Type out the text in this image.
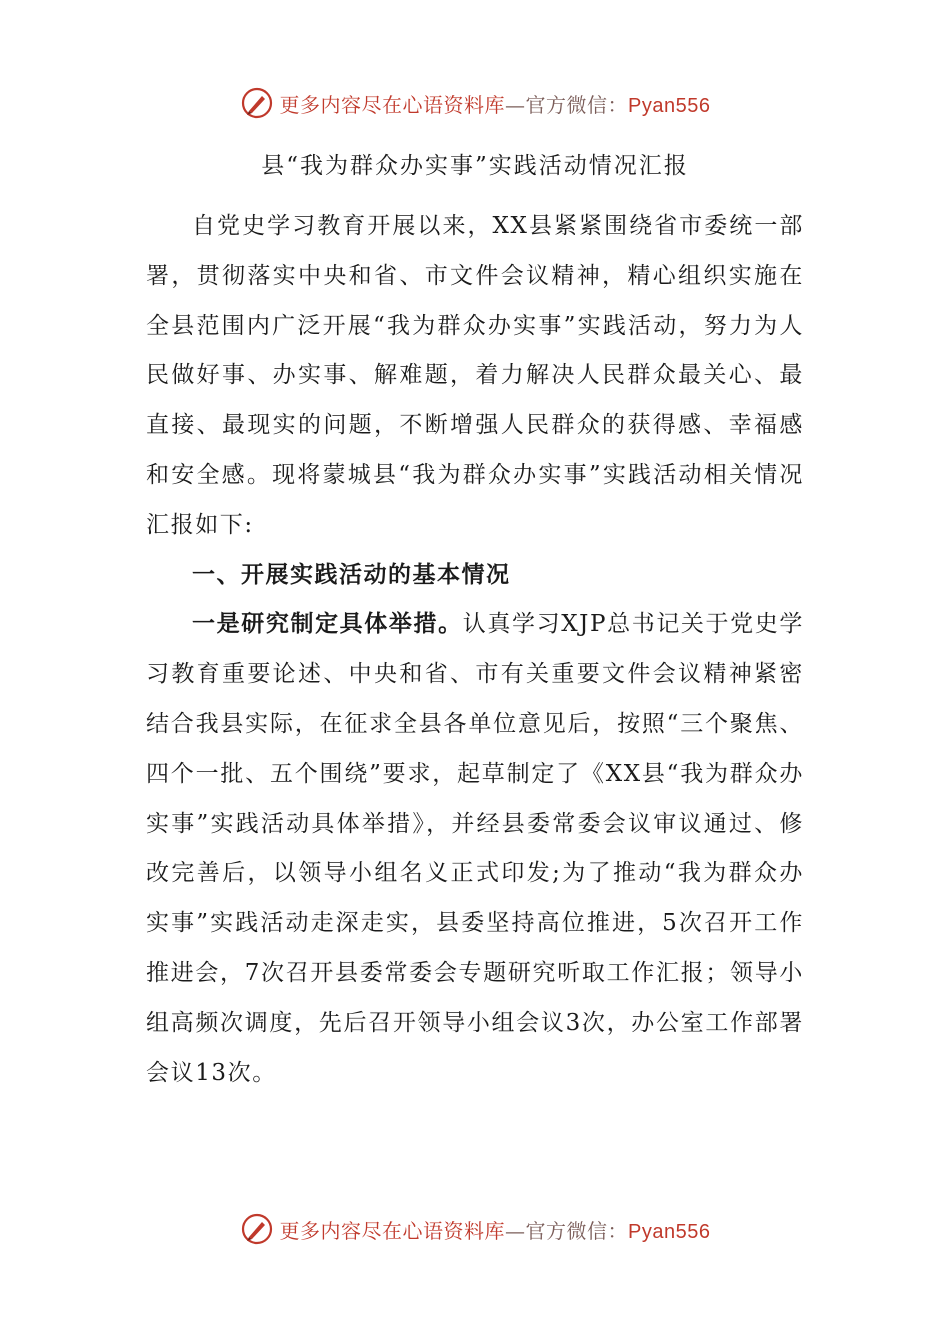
更多内容尽在心语资料库—官方微信：Pyan556

县“我为群众办实事”实践活动情况汇报

自党史学习教育开展以来，XX县紧紧围绕省市委统一部署，贯彻落实中央和省、市文件会议精神，精心组织实施在全县范围内广泛开展“我为群众办实事”实践活动，努力为人民做好事、办实事、解难题，着力解决人民群众最关心、最直接、最现实的问题，不断增强人民群众的获得感、幸福感和安全感。现将蒙城县“我为群众办实事”实践活动相关情况汇报如下:

一、开展实践活动的基本情况

一是研究制定具体举措。认真学习XJP总书记关于党史学习教育重要论述、中央和省、市有关重要文件会议精神紧密结合我县实际，在征求全县各单位意见后，按照“三个聚焦、四个一批、五个围绕”要求，起草制定了《XX县“我为群众办实事”实践活动具体举措》，并经县委常委会议审议通过、修改完善后，以领导小组名义正式印发;为了推动“我为群众办实事”实践活动走深走实，县委坚持高位推进，5次召开工作推进会，7次召开县委常委会专题研究听取工作汇报；领导小组高频次调度，先后召开领导小组会议3次，办公室工作部署会议13次。

更多内容尽在心语资料库—官方微信：Pyan556
